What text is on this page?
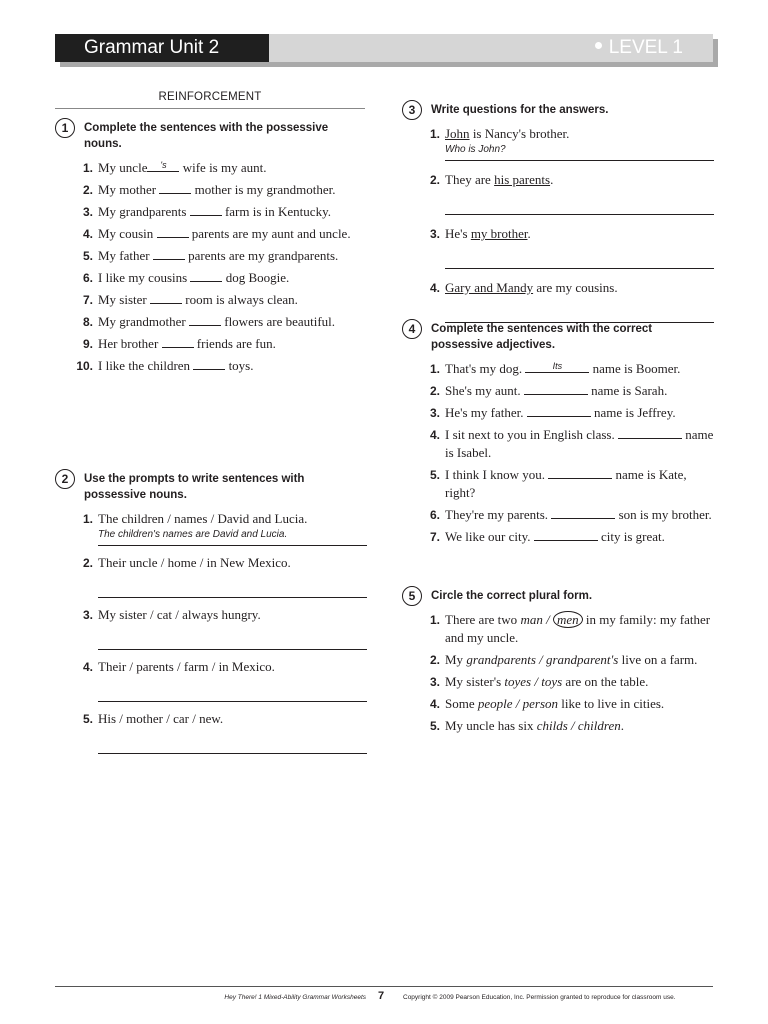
Grammar Unit 2	LEVEL 1
REINFORCEMENT
1	Complete the sentences with the possessive nouns.
1. My uncle	's wife is my aunt.
2. My mother
mother is my grandmother.
3. My grandparents
farm is in Kentucky.
4. My cousin
parents are my aunt and uncle.
5. My father
parents are my grandparents.
6. I like my cousins
dog Boogie.
7. My sister
room is always clean.
8. My grandmother
flowers are beautiful.
9. Her brother
friends are fun.
10. I like the children
toys.
2	Use the prompts to write sentences with possessive nouns.
1. The children / names / David and Lucia.
The children's names are David and Lucia.
2. Their uncle / home / in New Mexico.
3. My sister / cat / always hungry.
4. Their / parents / farm / in Mexico.
5. His / mother / car / new.
3	Write questions for the answers.
1. John is Nancy's brother.
Who is John?
2. They are his parents.
3. He's my brother.
4. Gary and Mandy are my cousins.
4	Complete the sentences with the correct possessive adjectives.
1. That's my dog.	Its	name is Boomer.
2. She's my aunt.	name is Sarah.
3. He's my father.	name is Jeffrey.
4. I sit next to you in English class.	name is Isabel.
5. I think I know you.	name is Kate, right?
6. They're my parents.	son is my brother.
7. We like our city.	city is great.
5	Circle the correct plural form.
1. There are two man / men in my family: my father and my uncle.
2. My grandparents / grandparent's live on a farm.
3. My sister's toyes / toys are on the table.
4. Some people / person like to live in cities.
5. My uncle has six childs / children.
Hey There! 1 Mixed-Ability Grammar Worksheets 7	Copyright © 2009 Pearson Education, Inc. Permission granted to reproduce for classroom use.
